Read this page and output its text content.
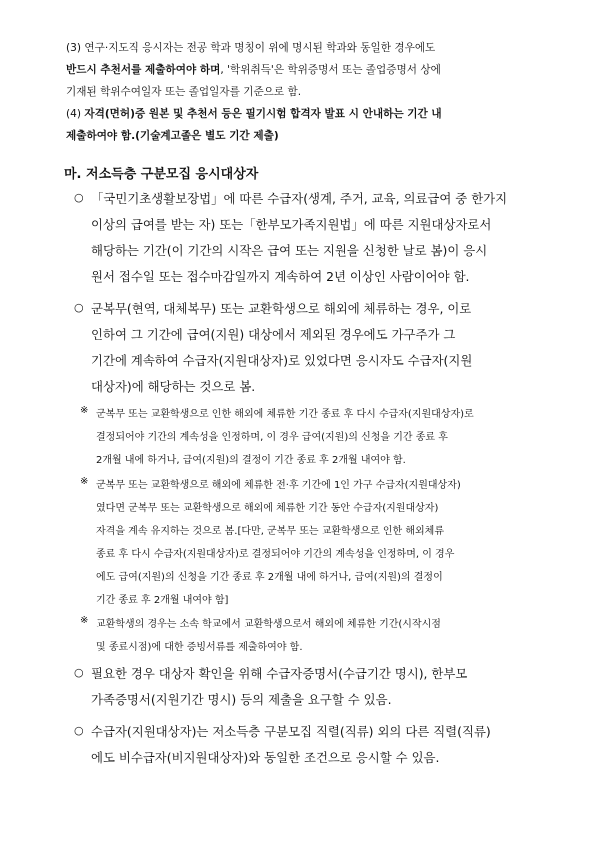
(3) 연구·지도직 응시자는 전공 학과 명칭이 위에 명시된 학과와 동일한 경우에도
반드시 추천서를 제출하여야 하며, '학위취득'은 학위증명서 또는 졸업증명서 상에
기재된 학위수여일자 또는 졸업일자를 기준으로 함.
(4) 자격(면허)증 원본 및 추천서 등은 필기시험 합격자 발표 시 안내하는 기간 내
제출하여야 함.(기술계고졸은 별도 기간 제출)
마. 저소득층 구분모집 응시대상자
○ 「국민기초생활보장법」에 따른 수급자(생계, 주거, 교육, 의료급여 중 한가지
이상의 급여를 받는 자) 또는「한부모가족지원법」에 따른 지원대상자로서
해당하는 기간(이 기간의 시작은 급여 또는 지원을 신청한 날로 봄)이 응시
원서 접수일 또는 접수마감일까지 계속하여 2년 이상인 사람이어야 함.
○ 군복무(현역, 대체복무) 또는 교환학생으로 해외에 체류하는 경우, 이로
인하여 그 기간에 급여(지원) 대상에서 제외된 경우에도 가구주가 그
기간에 계속하여 수급자(지원대상자)로 있었다면 응시자도 수급자(지원
대상자)에 해당하는 것으로 봄.
※ 군복무 또는 교환학생으로 인한 해외에 체류한 기간 종료 후 다시 수급자(지원대상자)로
결정되어야 기간의 계속성을 인정하며, 이 경우 급여(지원)의 신청을 기간 종료 후
2개월 내에 하거나, 급여(지원)의 결정이 기간 종료 후 2개월 내여야 함.
※ 군복무 또는 교환학생으로 해외에 체류한 전·후 기간에 1인 가구 수급자(지원대상자)
였다면 군복무 또는 교환학생으로 해외에 체류한 기간 동안 수급자(지원대상자)
자격을 계속 유지하는 것으로 봄.[다만, 군복무 또는 교환학생으로 인한 해외체류
종료 후 다시 수급자(지원대상자)로 결정되어야 기간의 계속성을 인정하며, 이 경우
에도 급여(지원)의 신청을 기간 종료 후 2개월 내에 하거나, 급여(지원)의 결정이
기간 종료 후 2개월 내여야 함]
※ 교환학생의 경우는 소속 학교에서 교환학생으로서 해외에 체류한 기간(시작시점
및 종료시점)에 대한 증빙서류를 제출하여야 함.
○ 필요한 경우 대상자 확인을 위해 수급자증명서(수급기간 명시), 한부모
가족증명서(지원기간 명시) 등의 제출을 요구할 수 있음.
○ 수급자(지원대상자)는 저소득층 구분모집 직렬(직류) 외의 다른 직렬(직류)
에도 비수급자(비지원대상자)와 동일한 조건으로 응시할 수 있음.
